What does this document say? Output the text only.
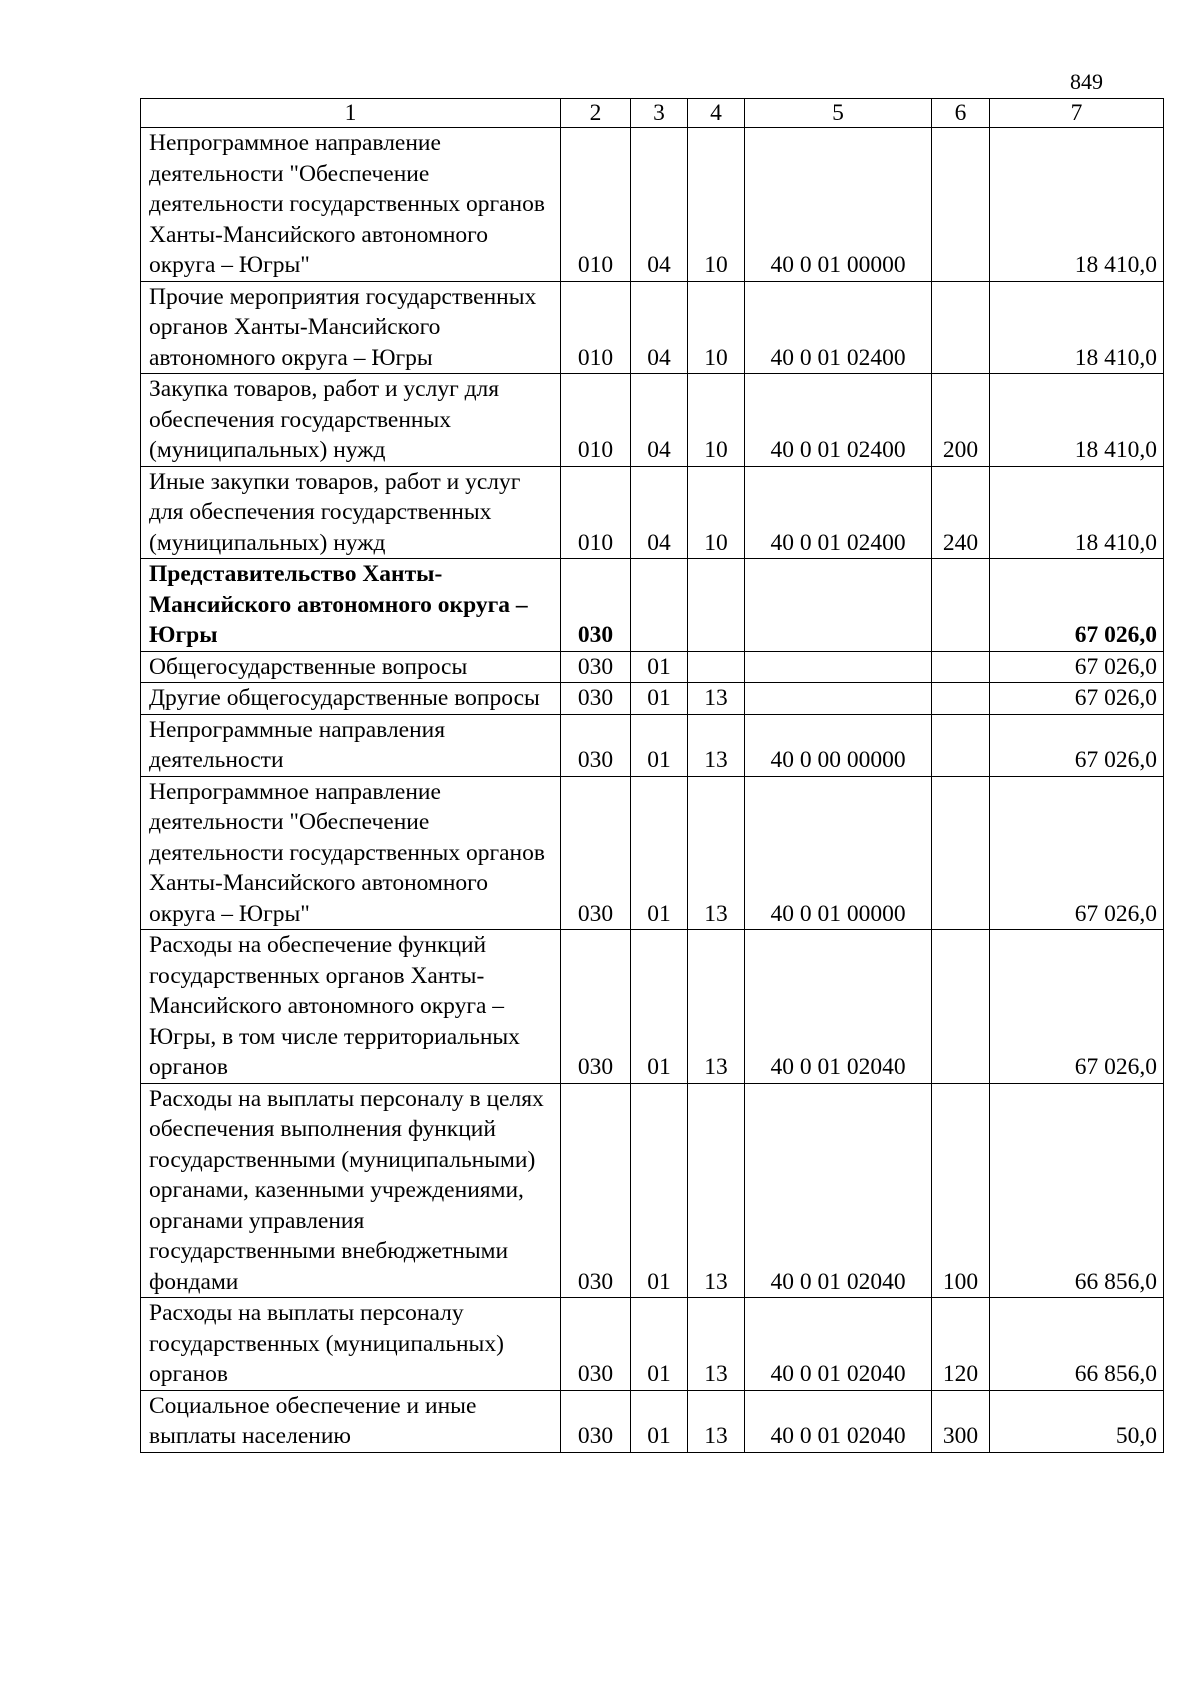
849
1	2	3	4	5	6	7
Непрограммное направление деятельности "Обеспечение деятельности государственных органов Ханты-Мансийского автономного округа – Югры"	010	04	10	40 0 01 00000		18 410,0
Прочие мероприятия государственных органов Ханты-Мансийского автономного округа – Югры	010	04	10	40 0 01 02400		18 410,0
Закупка товаров, работ и услуг для обеспечения государственных (муниципальных) нужд	010	04	10	40 0 01 02400	200	18 410,0
Иные закупки товаров, работ и услуг для обеспечения государственных (муниципальных) нужд	010	04	10	40 0 01 02400	240	18 410,0
Представительство Ханты-Мансийского автономного округа – Югры	030					67 026,0
Общегосударственные вопросы	030	01				67 026,0
Другие общегосударственные вопросы	030	01	13			67 026,0
Непрограммные направления деятельности	030	01	13	40 0 00 00000		67 026,0
Непрограммное направление деятельности "Обеспечение деятельности государственных органов Ханты-Мансийского автономного округа – Югры"	030	01	13	40 0 01 00000		67 026,0
Расходы на обеспечение функций государственных органов Ханты-Мансийского автономного округа – Югры, в том числе территориальных органов	030	01	13	40 0 01 02040		67 026,0
Расходы на выплаты персоналу в целях обеспечения выполнения функций государственными (муниципальными) органами, казенными учреждениями, органами управления государственными внебюджетными фондами	030	01	13	40 0 01 02040	100	66 856,0
Расходы на выплаты персоналу государственных (муниципальных) органов	030	01	13	40 0 01 02040	120	66 856,0
Социальное обеспечение и иные выплаты населению	030	01	13	40 0 01 02040	300	50,0
